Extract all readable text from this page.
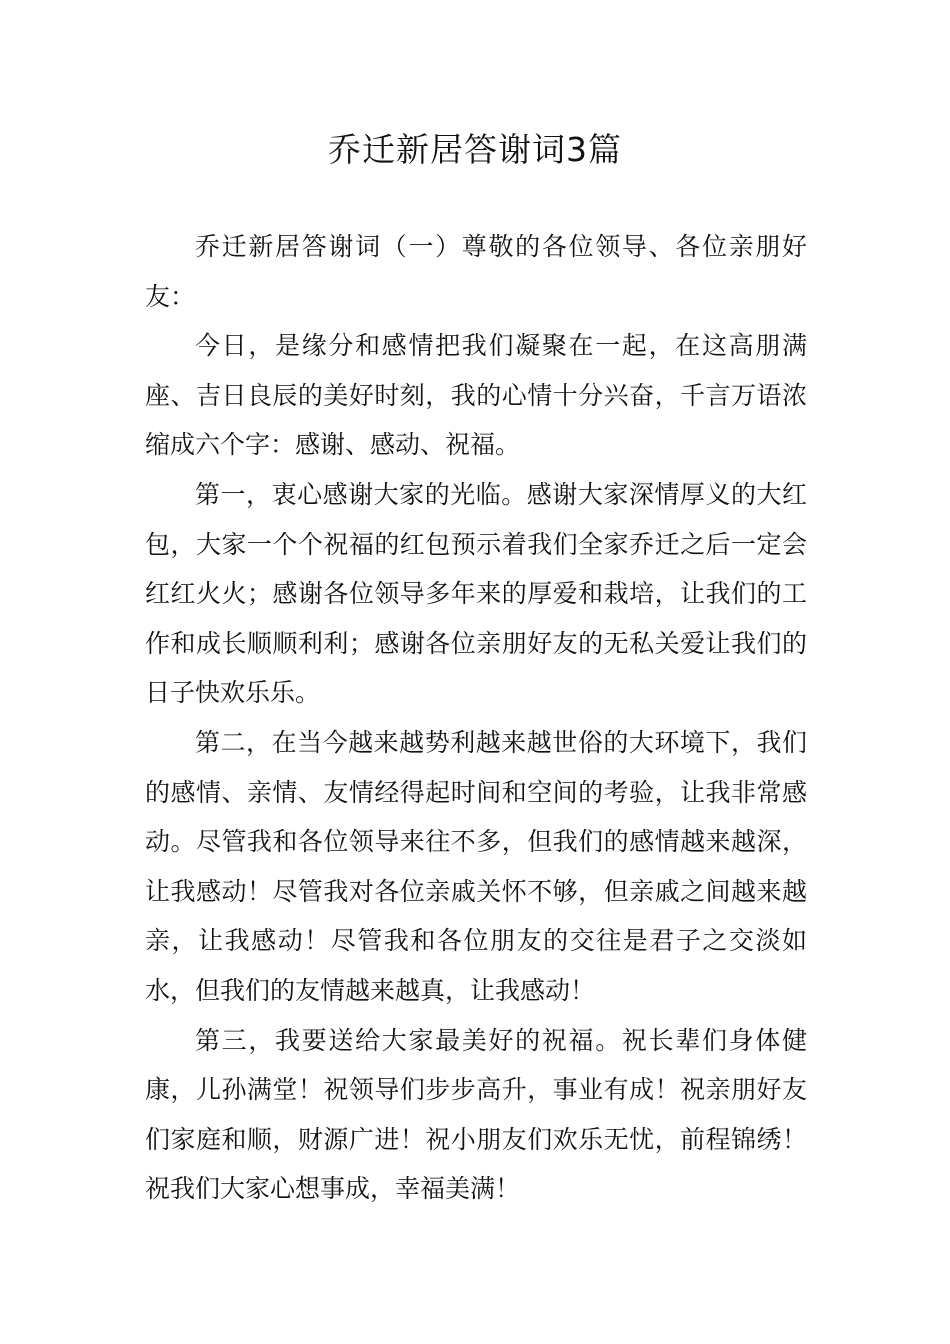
乔迁新居答谢词3篇

乔迁新居答谢词（一）尊敬的各位领导、各位亲朋好友：

今日，是缘分和感情把我们凝聚在一起，在这高朋满座、吉日良辰的美好时刻，我的心情十分兴奋，千言万语浓缩成六个字：感谢、感动、祝福。

第一，衷心感谢大家的光临。感谢大家深情厚义的大红包，大家一个个祝福的红包预示着我们全家乔迁之后一定会红红火火；感谢各位领导多年来的厚爱和栽培，让我们的工作和成长顺顺利利；感谢各位亲朋好友的无私关爱让我们的日子快欢乐乐。

第二，在当今越来越势利越来越世俗的大环境下，我们的感情、亲情、友情经得起时间和空间的考验，让我非常感动。尽管我和各位领导来往不多，但我们的感情越来越深，让我感动！尽管我对各位亲戚关怀不够，但亲戚之间越来越亲，让我感动！尽管我和各位朋友的交往是君子之交淡如水，但我们的友情越来越真，让我感动！

第三，我要送给大家最美好的祝福。祝长辈们身体健康，儿孙满堂！祝领导们步步高升，事业有成！祝亲朋好友们家庭和顺，财源广进！祝小朋友们欢乐无忧，前程锦绣！祝我们大家心想事成，幸福美满！
